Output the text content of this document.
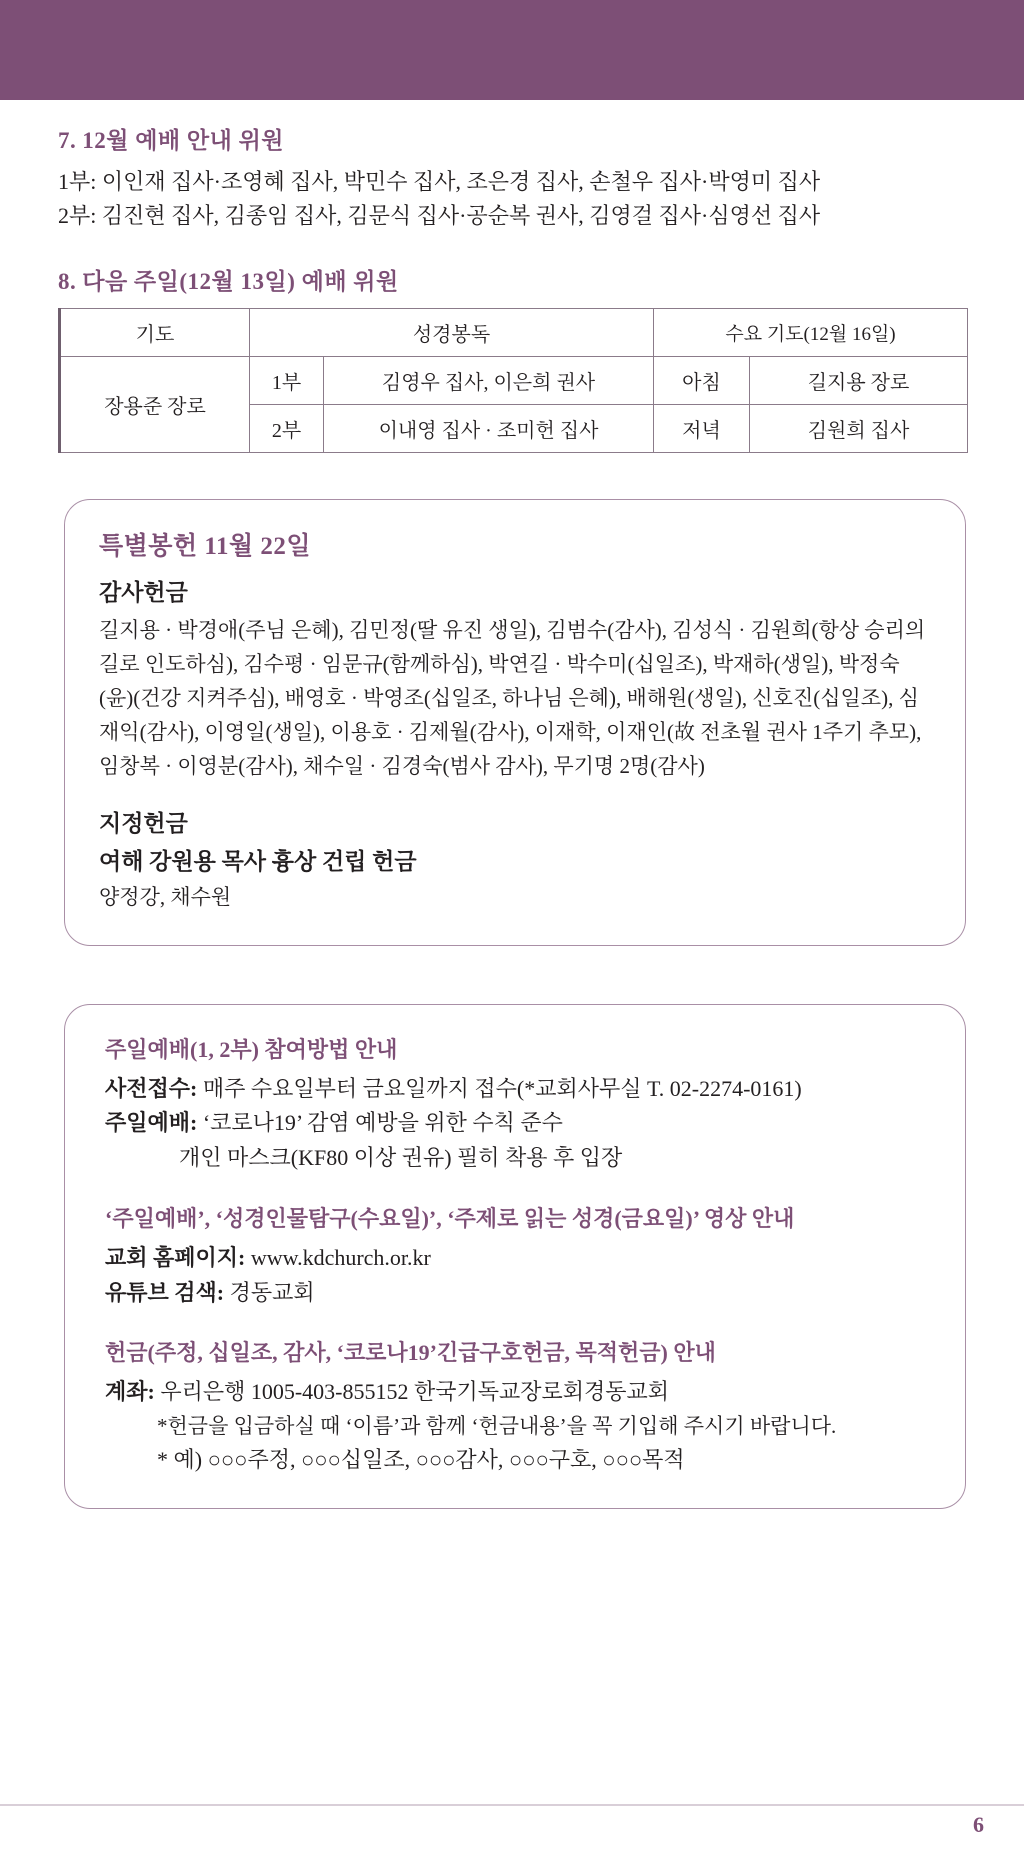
7. 12월 예배 안내 위원
1부: 이인재 집사·조영혜 집사, 박민수 집사, 조은경 집사, 손철우 집사·박영미 집사
2부: 김진현 집사, 김종임 집사, 김문식 집사·공순복 권사, 김영걸 집사·심영선 집사
8. 다음 주일(12월 13일) 예배 위원
기도	성경봉독		수요 기도(12월 16일)	
장용준 장로	1부	김영우 집사, 이은희 권사	아침	길지용 장로
	2부	이내영 집사 · 조미헌 집사	저녁	김원희 집사
특별봉헌 11월 22일
감사헌금
길지용 · 박경애(주님 은혜), 김민정(딸 유진 생일), 김범수(감사), 김성식 · 김원희(항상 승리의 길로 인도하심), 김수평 · 임문규(함께하심), 박연길 · 박수미(십일조), 박재하(생일), 박정숙(윤)(건강 지켜주심), 배영호 · 박영조(십일조, 하나님 은혜), 배해원(생일), 신호진(십일조), 심재익(감사), 이영일(생일), 이용호 · 김제월(감사), 이재학, 이재인(故 전초월 권사 1주기 추모), 임창복 · 이영분(감사), 채수일 · 김경숙(범사 감사), 무기명 2명(감사)
지정헌금
여해 강원용 목사 흉상 건립 헌금
양정강, 채수원
주일예배(1, 2부) 참여방법 안내
사전접수: 매주 수요일부터 금요일까지 접수(*교회사무실 T. 02-2274-0161)
주일예배: ‘코로나19’ 감염 예방을 위한 수칙 준수
개인 마스크(KF80 이상 권유) 필히 착용 후 입장
‘주일예배’, ‘성경인물탐구(수요일)’, ‘주제로 읽는 성경(금요일)’ 영상 안내
교회 홈페이지: www.kdchurch.or.kr
유튜브 검색: 경동교회
헌금(주정, 십일조, 감사, ‘코로나19’긴급구호헌금, 목적헌금) 안내
계좌: 우리은행 1005-403-855152 한국기독교장로회경동교회
*헌금을 입금하실 때 ‘이름’과 함께 ‘헌금내용’을 꼭 기입해 주시기 바랍니다.
* 예) ○○○주정, ○○○십일조, ○○○감사, ○○○구호, ○○○목적
6
